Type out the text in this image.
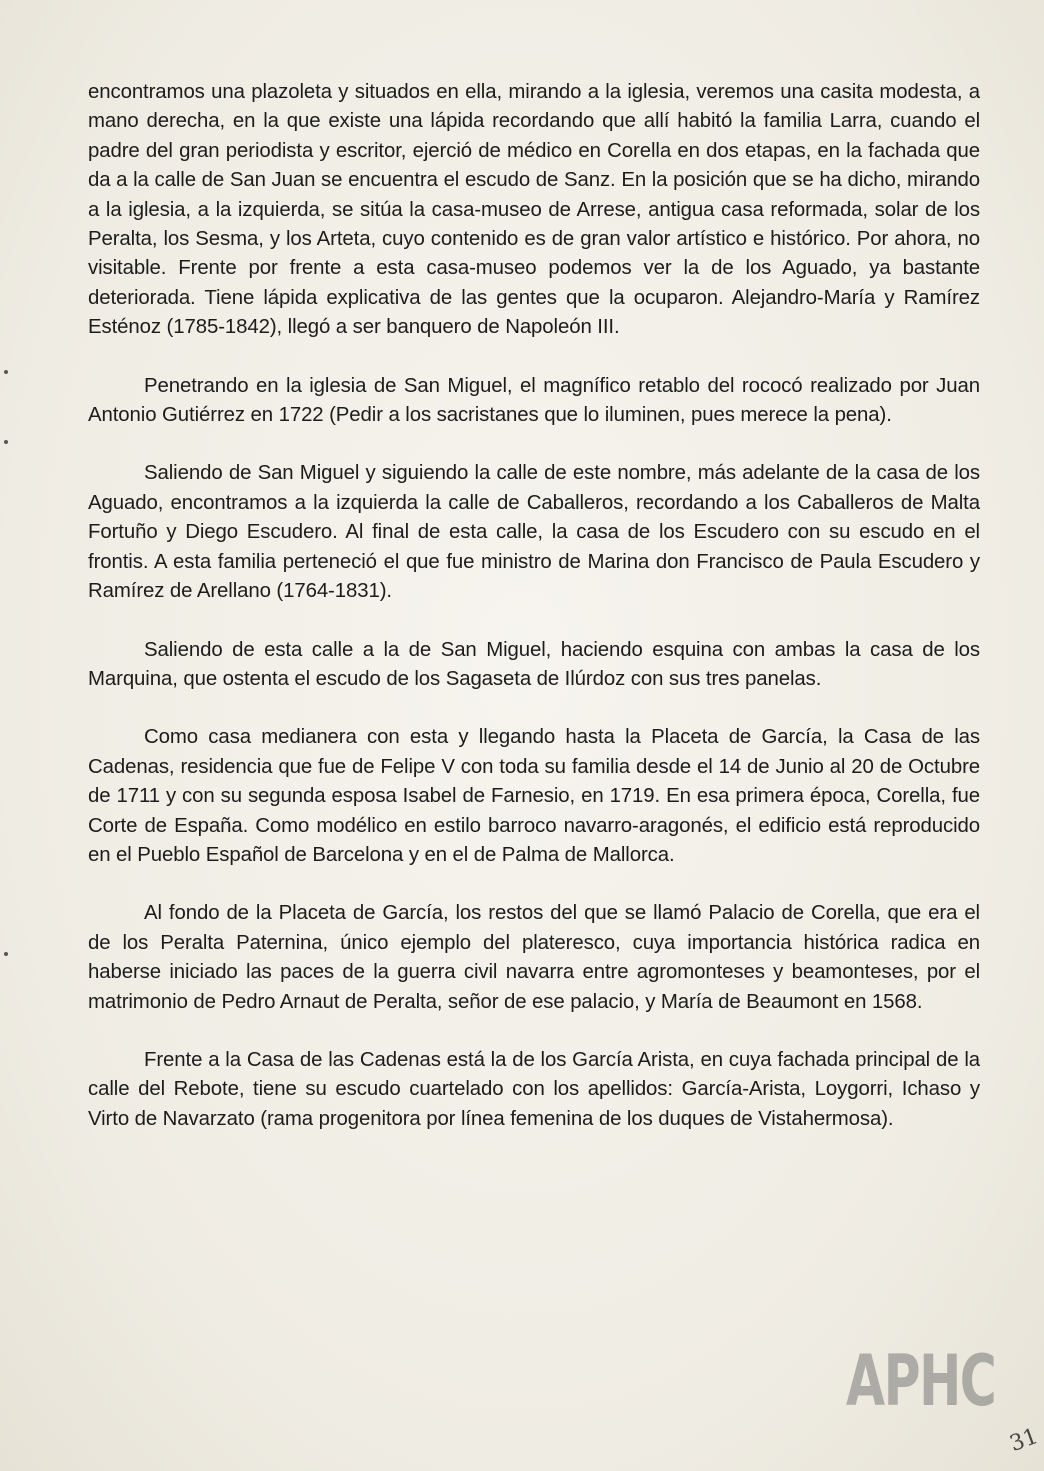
encontramos una plazoleta y situados en ella, mirando a la iglesia, veremos una casita modesta, a mano derecha, en la que existe una lápida recordando que allí habitó la familia Larra, cuando el padre del gran periodista y escritor, ejerció de médico en Corella en dos etapas, en la fachada que da a la calle de San Juan se encuentra el escudo de Sanz. En la posición que se ha dicho, mirando a la iglesia, a la izquierda, se sitúa la casa-museo de Arrese, antigua casa reformada, solar de los Peralta, los Sesma, y los Arteta, cuyo contenido es de gran valor artístico e histórico. Por ahora, no visitable. Frente por frente a esta casa-museo podemos ver la de los Aguado, ya bastante deteriorada. Tiene lápida explicativa de las gentes que la ocuparon. Alejandro-María y Ramírez Esténoz (1785-1842), llegó a ser banquero de Napoleón III.

Penetrando en la iglesia de San Miguel, el magnífico retablo del rococó realizado por Juan Antonio Gutiérrez en 1722 (Pedir a los sacristanes que lo iluminen, pues merece la pena).

Saliendo de San Miguel y siguiendo la calle de este nombre, más adelante de la casa de los Aguado, encontramos a la izquierda la calle de Caballeros, recordando a los Caballeros de Malta Fortuño y Diego Escudero. Al final de esta calle, la casa de los Escudero con su escudo en el frontis. A esta familia perteneció el que fue ministro de Marina don Francisco de Paula Escudero y Ramírez de Arellano (1764-1831).

Saliendo de esta calle a la de San Miguel, haciendo esquina con ambas la casa de los Marquina, que ostenta el escudo de los Sagaseta de Ilúrdoz con sus tres panelas.

Como casa medianera con esta y llegando hasta la Placeta de García, la Casa de las Cadenas, residencia que fue de Felipe V con toda su familia desde el 14 de Junio al 20 de Octubre de 1711 y con su segunda esposa Isabel de Farnesio, en 1719. En esa primera época, Corella, fue Corte de España. Como modélico en estilo barroco navarro-aragonés, el edificio está reproducido en el Pueblo Español de Barcelona y en el de Palma de Mallorca.

Al fondo de la Placeta de García, los restos del que se llamó Palacio de Corella, que era el de los Peralta Paternina, único ejemplo del plateresco, cuya importancia histórica radica en haberse iniciado las paces de la guerra civil navarra entre agromonteses y beamonteses, por el matrimonio de Pedro Arnaut de Peralta, señor de ese palacio, y María de Beaumont en 1568.

Frente a la Casa de las Cadenas está la de los García Arista, en cuya fachada principal de la calle del Rebote, tiene su escudo cuartelado con los apellidos: García-Arista, Loygorri, Ichaso y Virto de Navarzato (rama progenitora por línea femenina de los duques de Vistahermosa).

APHC
31
